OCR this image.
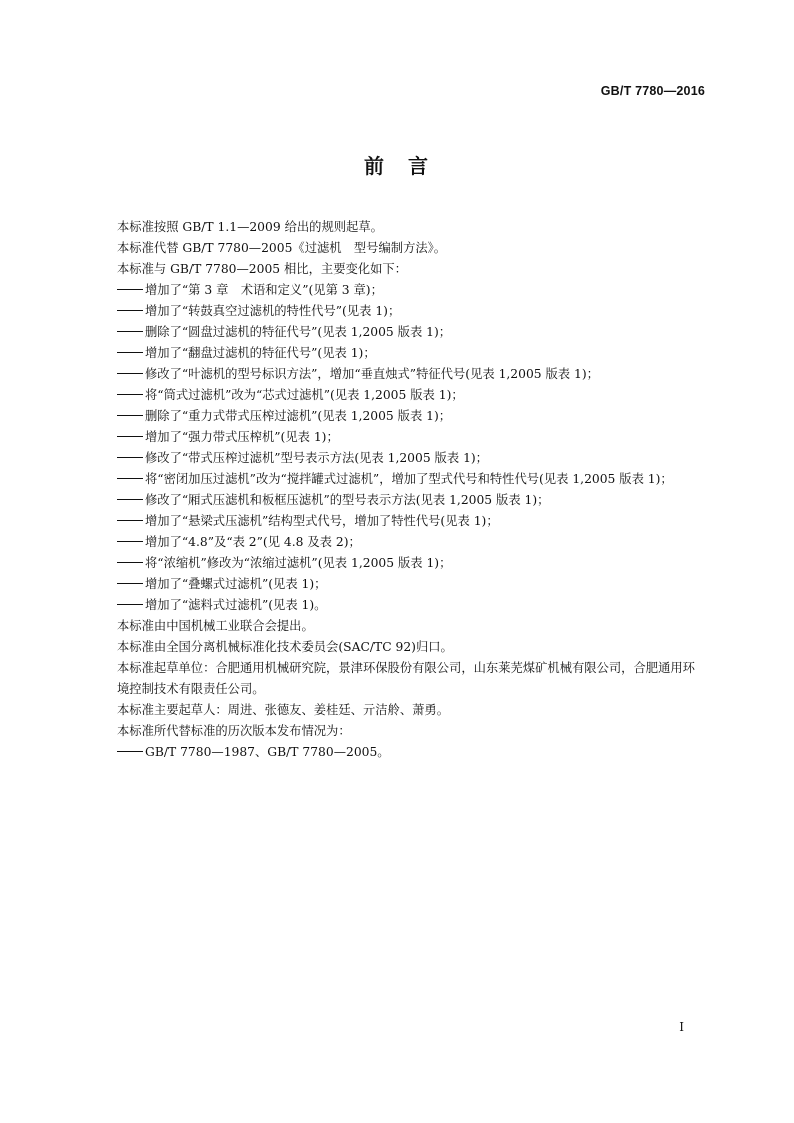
GB/T 7780—2016
前　言

本标准按照 GB/T 1.1—2009 给出的规则起草。

本标准代替 GB/T 7780—2005《过滤机　型号编制方法》。

本标准与 GB/T 7780—2005 相比，主要变化如下：

增加了“第 3 章　术语和定义”(见第 3 章)；

增加了“转鼓真空过滤机的特性代号”(见表 1)；

删除了“圆盘过滤机的特征代号”(见表 1,2005 版表 1)；

增加了“翻盘过滤机的特征代号”(见表 1)；

修改了“叶滤机的型号标识方法”，增加“垂直烛式”特征代号(见表 1,2005 版表 1)；

将“筒式过滤机”改为“芯式过滤机”(见表 1,2005 版表 1)；

删除了“重力式带式压榨过滤机”(见表 1,2005 版表 1)；

增加了“强力带式压榨机”(见表 1)；

修改了“带式压榨过滤机”型号表示方法(见表 1,2005 版表 1)；

将“密闭加压过滤机”改为“搅拌罐式过滤机”，增加了型式代号和特性代号(见表 1,2005 版表 1)；

修改了“厢式压滤机和板框压滤机”的型号表示方法(见表 1,2005 版表 1)；

增加了“悬梁式压滤机”结构型式代号，增加了特性代号(见表 1)；

增加了“4.8”及“表 2”(见 4.8 及表 2)；

将“浓缩机”修改为“浓缩过滤机”(见表 1,2005 版表 1)；

增加了“叠螺式过滤机”(见表 1)；

增加了“滤料式过滤机”(见表 1)。

本标准由中国机械工业联合会提出。

本标准由全国分离机械标准化技术委员会(SAC/TC 92)归口。

本标准起草单位：合肥通用机械研究院，景津环保股份有限公司，山东莱芜煤矿机械有限公司，合肥通用环境控制技术有限责任公司。

本标准主要起草人：周进、张德友、姜桂廷、亓洁舲、萧勇。

本标准所代替标准的历次版本发布情况为：

GB/T 7780—1987、GB/T 7780—2005。

I
